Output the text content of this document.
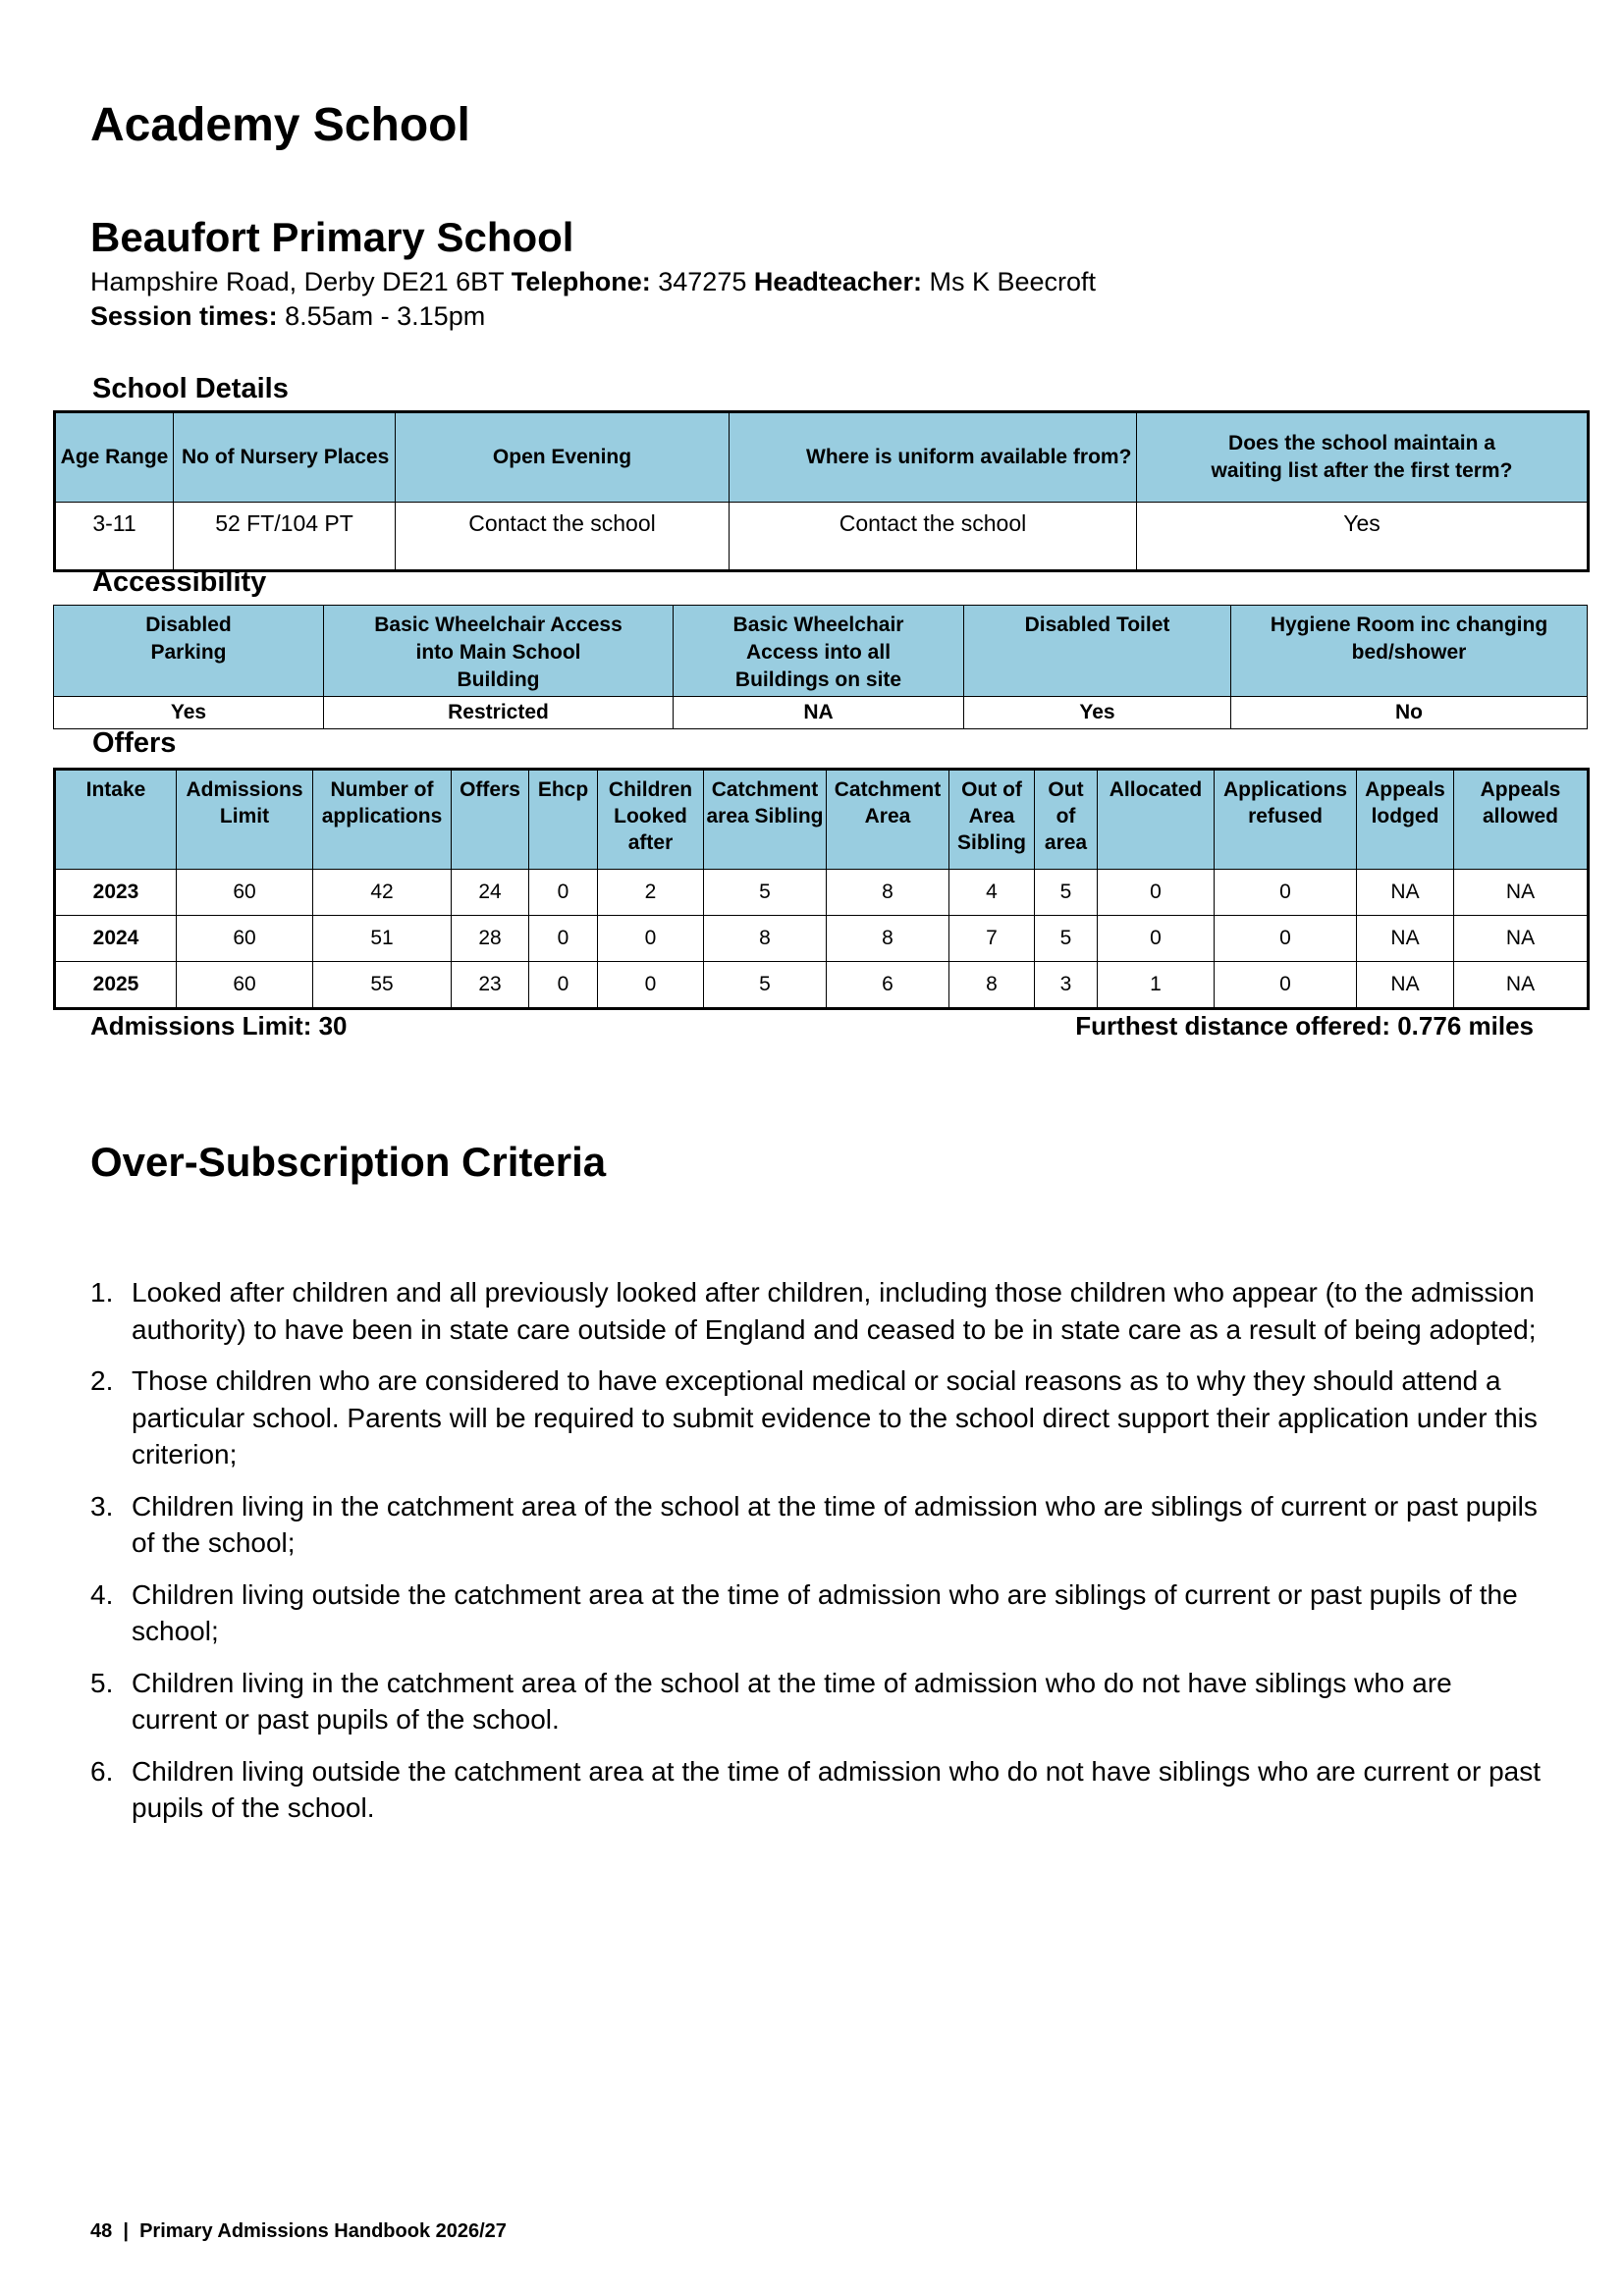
Academy School
Beaufort Primary School
Hampshire Road, Derby DE21 6BT Telephone: 347275 Headteacher: Ms K Beecroft
Session times: 8.55am - 3.15pm
School Details
Age Range	No of Nursery Places	Open Evening	Where is uniform available from?	Does the school maintain a waiting list after the first term?
3-11	52 FT/104 PT	Contact the school	Contact the school	Yes
Accessibility
Disabled Parking	Basic Wheelchair Access into Main School Building	Basic Wheelchair Access into all Buildings on site	Disabled Toilet	Hygiene Room inc changing bed/shower
Yes	Restricted	NA	Yes	No
Offers
Intake	Admissions Limit	Number of applications	Offers	Ehcp	Children Looked after	Catchment area Sibling	Catchment Area	Out of Area Sibling	Out of area	Allocated	Applications refused	Appeals lodged	Appeals allowed
2023	60	42	24	0	2	5	8	4	5	0	0	NA	NA
2024	60	51	28	0	0	8	8	7	5	0	0	NA	NA
2025	60	55	23	0	0	5	6	8	3	1	0	NA	NA
Admissions Limit: 30	Furthest distance offered: 0.776 miles
Over-Subscription Criteria
1. Looked after children and all previously looked after children, including those children who appear (to the admission authority) to have been in state care outside of England and ceased to be in state care as a result of being adopted;
2. Those children who are considered to have exceptional medical or social reasons as to why they should attend a particular school. Parents will be required to submit evidence to the school direct support their application under this criterion;
3. Children living in the catchment area of the school at the time of admission who are siblings of current or past pupils of the school;
4. Children living outside the catchment area at the time of admission who are siblings of current or past pupils of the school;
5. Children living in the catchment area of the school at the time of admission who do not have siblings who are current or past pupils of the school.
6. Children living outside the catchment area at the time of admission who do not have siblings who are current or past pupils of the school.
48  |  Primary Admissions Handbook 2026/27
